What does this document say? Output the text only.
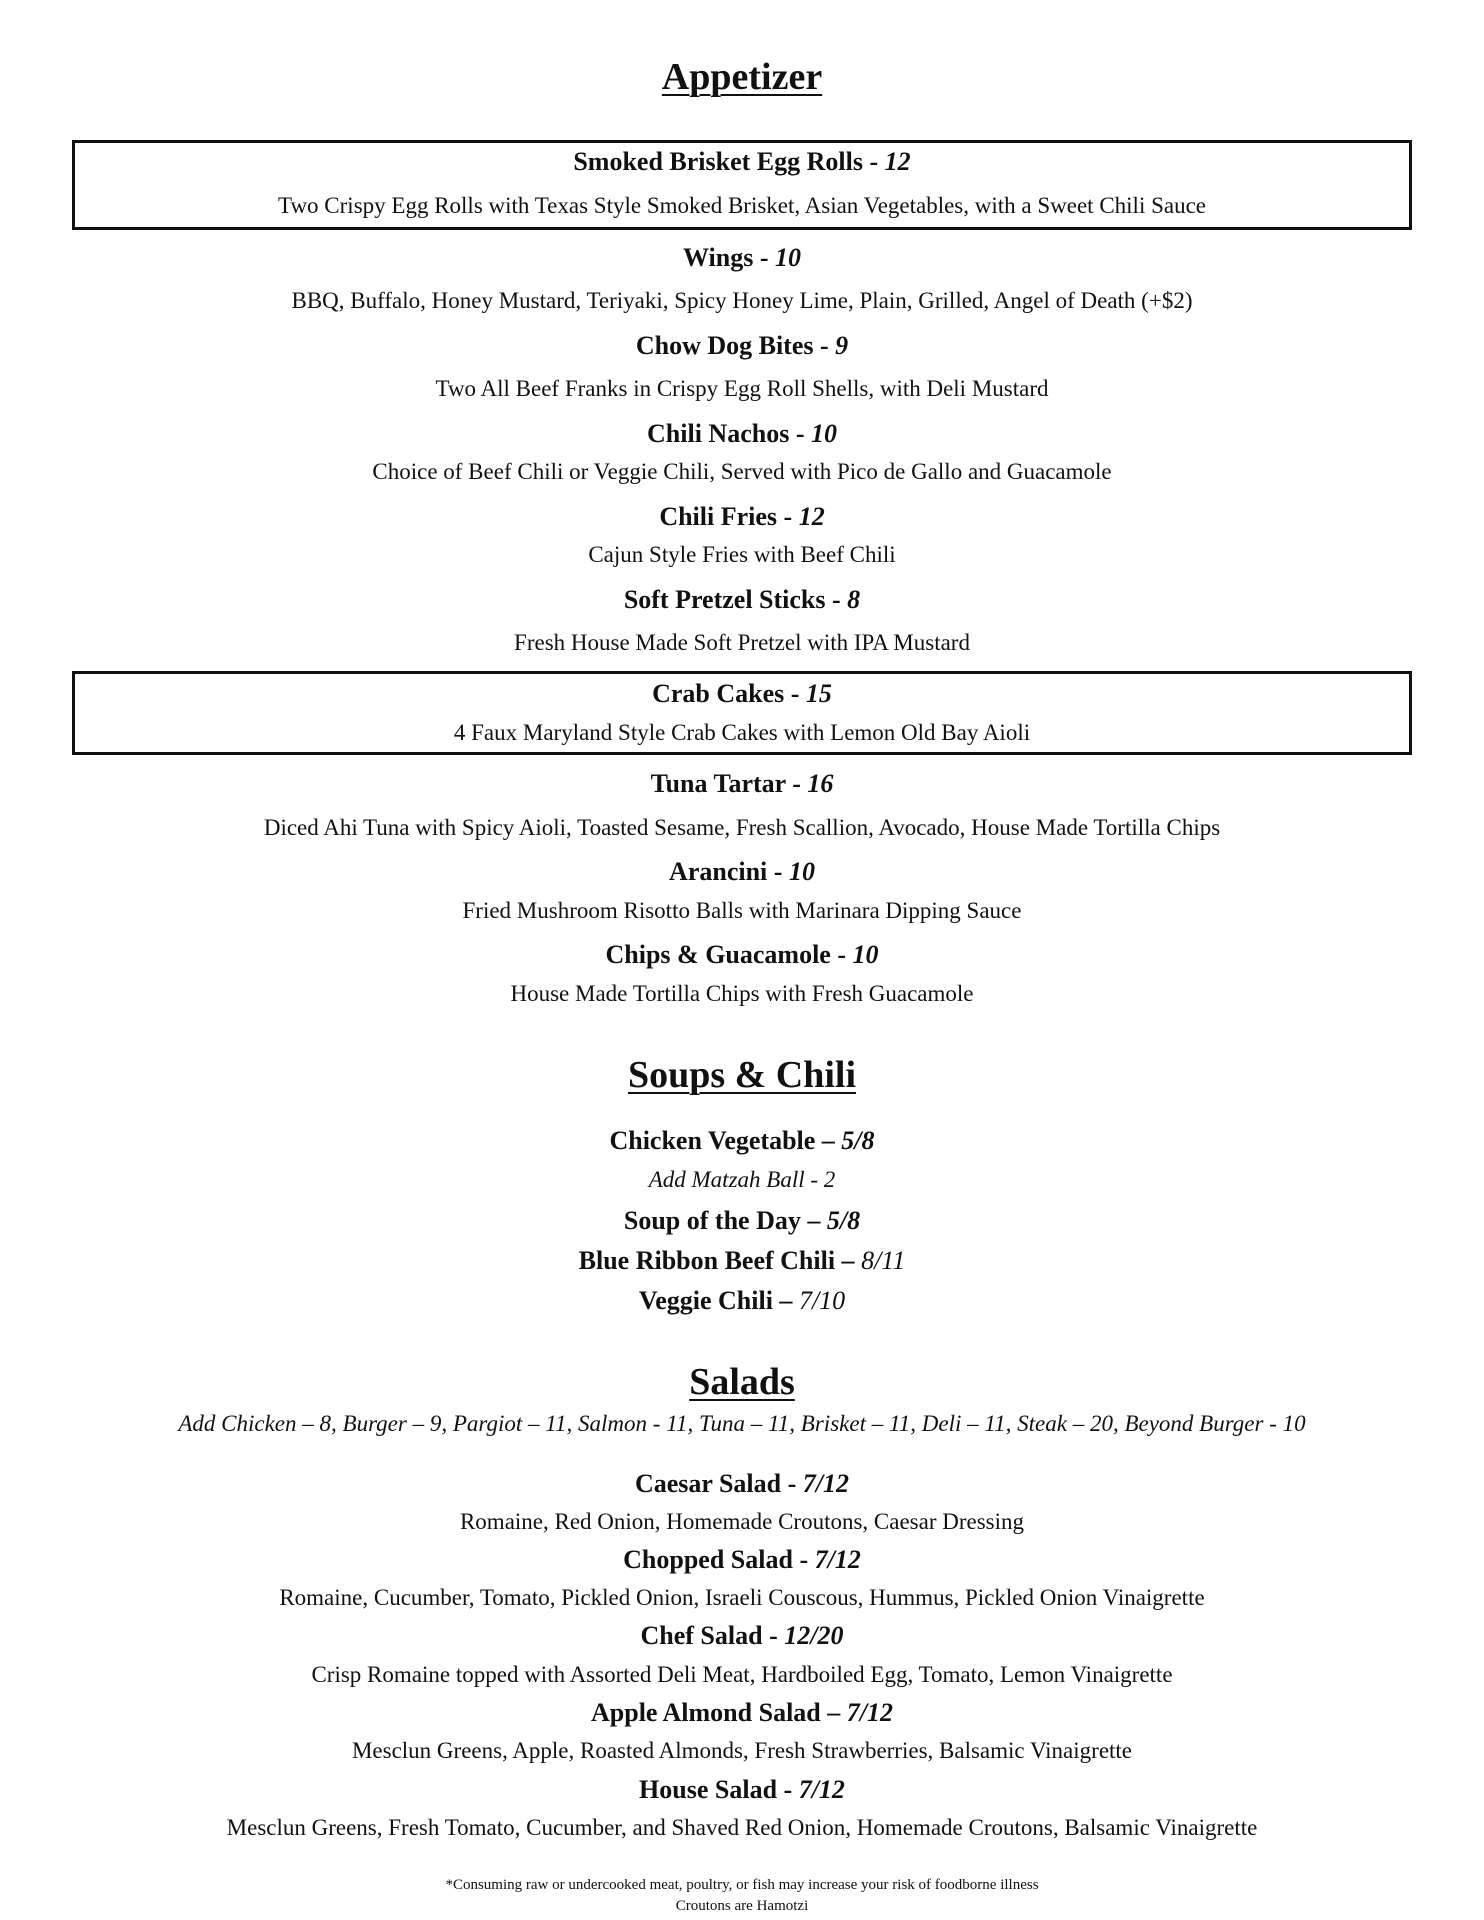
Appetizer
Smoked Brisket Egg Rolls - 12
Two Crispy Egg Rolls with Texas Style Smoked Brisket, Asian Vegetables, with a Sweet Chili Sauce
Wings - 10
BBQ, Buffalo, Honey Mustard, Teriyaki, Spicy Honey Lime, Plain, Grilled, Angel of Death (+$2)
Chow Dog Bites - 9
Two All Beef Franks in Crispy Egg Roll Shells, with Deli Mustard
Chili Nachos - 10
Choice of Beef Chili or Veggie Chili, Served with Pico de Gallo and Guacamole
Chili Fries - 12
Cajun Style Fries with Beef Chili
Soft Pretzel Sticks - 8
Fresh House Made Soft Pretzel with IPA Mustard
Crab Cakes - 15
4 Faux Maryland Style Crab Cakes with Lemon Old Bay Aioli
Tuna Tartar - 16
Diced Ahi Tuna with Spicy Aioli, Toasted Sesame, Fresh Scallion, Avocado, House Made Tortilla Chips
Arancini - 10
Fried Mushroom Risotto Balls with Marinara Dipping Sauce
Chips & Guacamole - 10
House Made Tortilla Chips with Fresh Guacamole
Soups & Chili
Chicken Vegetable – 5/8
Add Matzah Ball - 2
Soup of the Day – 5/8
Blue Ribbon Beef Chili – 8/11
Veggie Chili – 7/10
Salads
Add Chicken – 8, Burger – 9, Pargiot – 11, Salmon - 11, Tuna – 11, Brisket – 11, Deli – 11, Steak – 20, Beyond Burger - 10
Caesar Salad - 7/12
Romaine, Red Onion, Homemade Croutons, Caesar Dressing
Chopped Salad - 7/12
Romaine, Cucumber, Tomato, Pickled Onion, Israeli Couscous, Hummus, Pickled Onion Vinaigrette
Chef Salad - 12/20
Crisp Romaine topped with Assorted Deli Meat, Hardboiled Egg, Tomato, Lemon Vinaigrette
Apple Almond Salad – 7/12
Mesclun Greens, Apple, Roasted Almonds, Fresh Strawberries, Balsamic Vinaigrette
House Salad - 7/12
Mesclun Greens, Fresh Tomato, Cucumber, and Shaved Red Onion, Homemade Croutons, Balsamic Vinaigrette
*Consuming raw or undercooked meat, poultry, or fish may increase your risk of foodborne illness
Croutons are Hamotzi
